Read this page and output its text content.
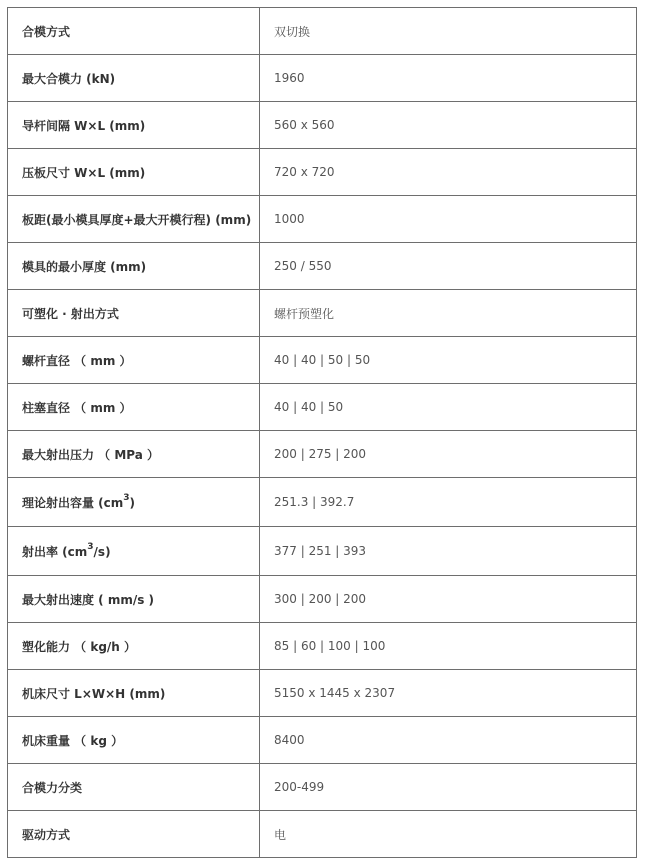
合模方式	双切换
最大合模力 (kN)	1960
导杆间隔 W×L (mm)	560 x 560
压板尺寸 W×L (mm)	720 x 720
板距(最小模具厚度+最大开模行程) (mm)	1000
模具的最小厚度 (mm)	250 / 550
可塑化 · 射出方式	螺杆预塑化
螺杆直径 （ mm ）	40 | 40 | 50 | 50
柱塞直径 （ mm ）	40 | 40 | 50
最大射出压力 （ MPa ）	200 | 275 | 200
理论射出容量 $(cm^3)$	251.3 | 392.7
射出率 $(cm^3/s)$	377 | 251 | 393
最大射出速度 ( mm/s )	300 | 200 | 200
塑化能力 （ kg/h ）	85 | 60 | 100 | 100
机床尺寸 L×W×H (mm)	5150 x 1445 x 2307
机床重量 （ kg ）	8400
合模力分类	200-499
驱动方式	电
